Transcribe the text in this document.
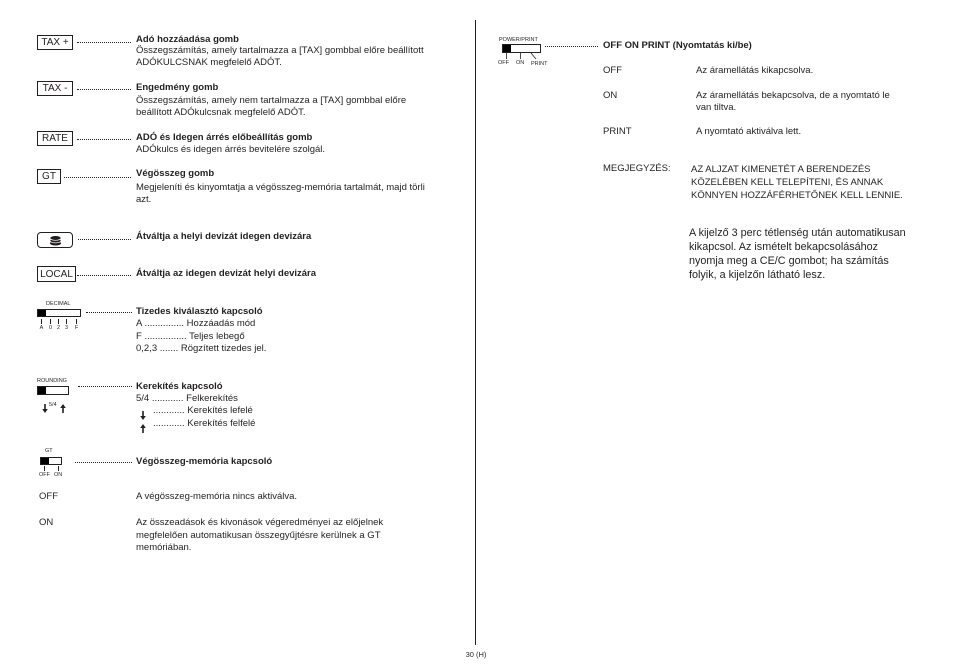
TAX +	Adó hozzáadása gomb
Összegszámítás, amely tartalmazza a [TAX] gombbal előre beállított
ADÓKULCSNAK megfelelő ADÓT.
TAX -	Engedmény gomb
Összegszámítás, amely nem tartalmazza a [TAX] gombbal előre
beállított ADÓkulcsnak megfelelő ADÓT.
RATE	ADÓ és Idegen árrés előbeállítás gomb
ADÓkulcs és idegen árrés bevitelére szolgál.
GT	Végösszeg gomb
Megjeleníti és kinyomtatja a végösszeg-memória tartalmát, majd törli
azt.
Átváltja a helyi devizát idegen devizára
LOCAL	Átváltja az idegen devizát helyi devizára
DECIMAL
A	0 2 3	F
Tizedes kiválasztó kapcsoló
A ............... Hozzáadás mód
F ................ Teljes lebegő
0,2,3 ....... Rögzített tizedes jel.
ROUNDING
5/4
Kerekítés kapcsoló
5/4 ............ Felkerekítés
............ Kerekítés lefelé
............ Kerekítés felfelé
GT
OFF ON
Végösszeg-memória kapcsoló
OFF	A végösszeg-memória nincs aktiválva.
ON	Az összeadások és kivonások végeredményei az előjelnek
megfelelően automatikusan összegyűjtésre kerülnek a GT
memóriában.
POWER/PRINT
OFF ON PRINT
OFF ON PRINT (Nyomtatás ki/be)
OFF	Az áramellátás kikapcsolva.
ON	Az áramellátás bekapcsolva, de a nyomtató le
van tiltva.
PRINT	A nyomtató aktiválva lett.
MEGJEGYZÉS: AZ ALJZAT KIMENETÉT A BERENDEZÉS
KÖZELÉBEN KELL TELEPÍTENI, ÉS ANNAK
KÖNNYEN HOZZÁFÉRHETŐNEK KELL LENNIE.
A kijelző 3 perc tétlenség után automatikusan
kikapcsol. Az ismételt bekapcsolásához
nyomja meg a CE/C gombot; ha számítás
folyik, a kijelzőn látható lesz.
30 (H)
